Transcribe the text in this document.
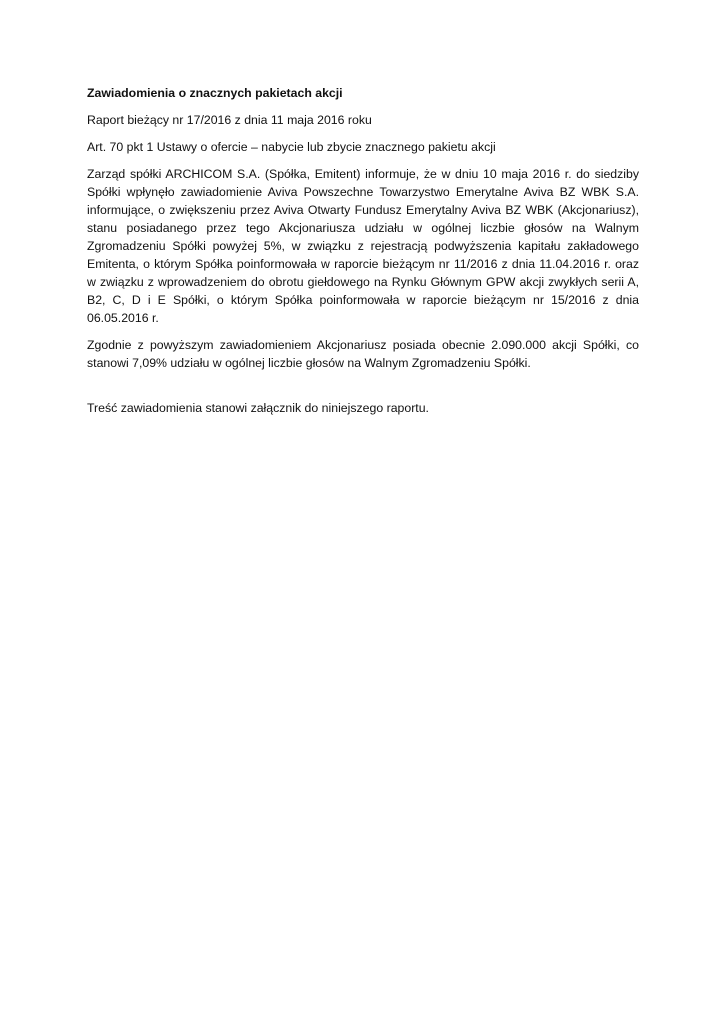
Zawiadomienia o znacznych pakietach akcji

Raport bieżący nr 17/2016 z dnia 11 maja 2016 roku

Art. 70 pkt 1 Ustawy o ofercie – nabycie lub zbycie znacznego pakietu akcji

Zarząd spółki ARCHICOM S.A. (Spółka, Emitent) informuje, że w dniu 10 maja 2016 r. do siedziby Spółki wpłynęło zawiadomienie Aviva Powszechne Towarzystwo Emerytalne Aviva BZ WBK S.A. informujące, o zwiększeniu przez Aviva Otwarty Fundusz Emerytalny Aviva BZ WBK (Akcjonariusz), stanu posiadanego przez tego Akcjonariusza udziału w ogólnej liczbie głosów na Walnym Zgromadzeniu Spółki powyżej 5%, w związku z rejestracją podwyższenia kapitału zakładowego Emitenta, o którym Spółka poinformowała w raporcie bieżącym nr 11/2016 z dnia 11.04.2016 r. oraz w związku z wprowadzeniem do obrotu giełdowego na Rynku Głównym GPW akcji zwykłych serii A, B2, C, D i E Spółki, o którym Spółka poinformowała w raporcie bieżącym nr 15/2016 z dnia 06.05.2016 r.

Zgodnie z powyższym zawiadomieniem Akcjonariusz posiada obecnie 2.090.000 akcji Spółki, co stanowi 7,09% udziału w ogólnej liczbie głosów na Walnym Zgromadzeniu Spółki.

Treść zawiadomienia stanowi załącznik do niniejszego raportu.
